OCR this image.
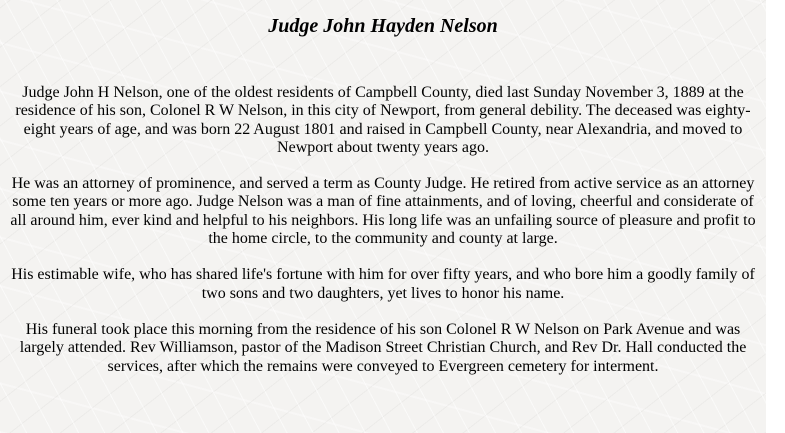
Judge John Hayden Nelson

Judge John H Nelson, one of the oldest residents of Campbell County, died last Sunday November 3, 1889 at the residence of his son, Colonel R W Nelson, in this city of Newport, from general debility. The deceased was eighty-eight years of age, and was born 22 August 1801 and raised in Campbell County, near Alexandria, and moved to Newport about twenty years ago.

He was an attorney of prominence, and served a term as County Judge. He retired from active service as an attorney some ten years or more ago. Judge Nelson was a man of fine attainments, and of loving, cheerful and considerate of all around him, ever kind and helpful to his neighbors. His long life was an unfailing source of pleasure and profit to the home circle, to the community and county at large.

His estimable wife, who has shared life's fortune with him for over fifty years, and who bore him a goodly family of two sons and two daughters, yet lives to honor his name.

His funeral took place this morning from the residence of his son Colonel R W Nelson on Park Avenue and was largely attended. Rev Williamson, pastor of the Madison Street Christian Church, and Rev Dr. Hall conducted the services, after which the remains were conveyed to Evergreen cemetery for interment.
